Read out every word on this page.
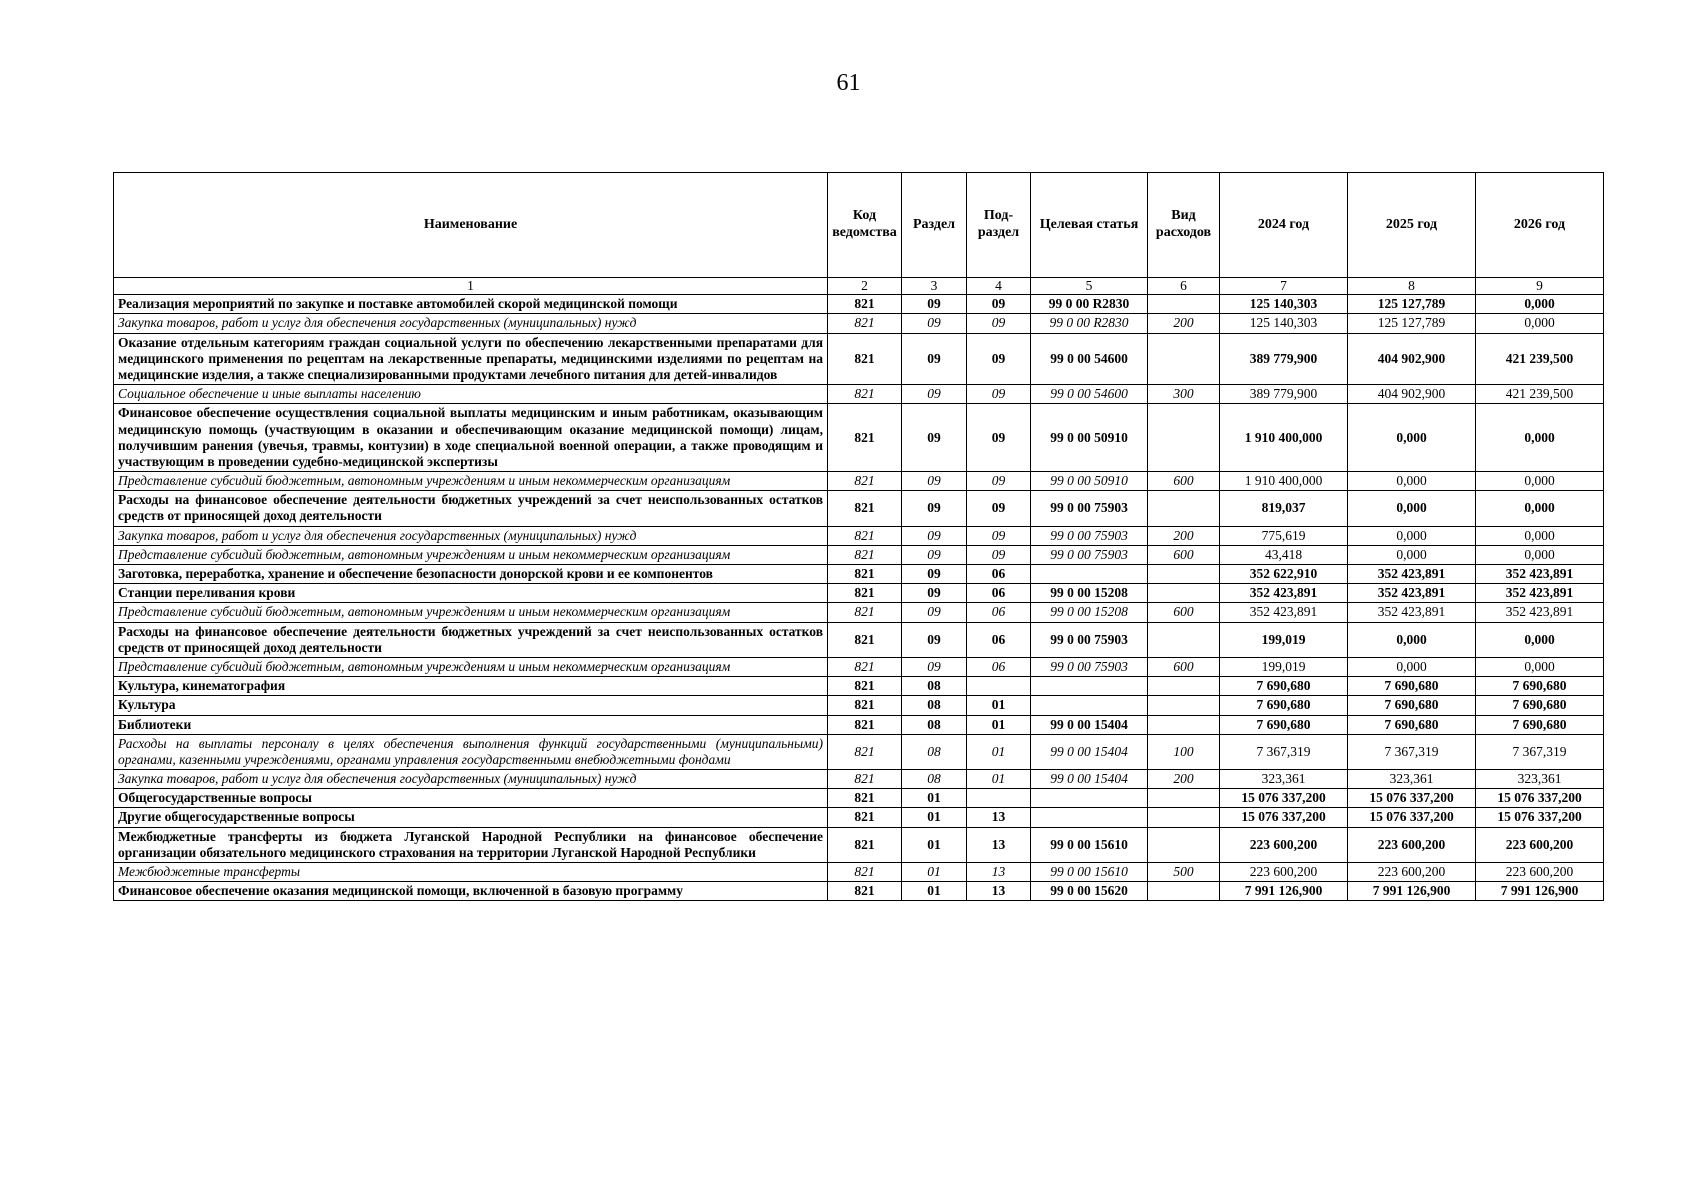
61
Наименование	Код ведомства	Раздел	Под-раздел	Целевая статья	Вид расходов	2024 год	2025 год	2026 год
1	2	3	4	5	6	7	8	9
Реализация мероприятий по закупке и поставке автомобилей скорой медицинской помощи	821	09	09	99 0 00 R2830		125 140,303	125 127,789	0,000
Закупка товаров, работ и услуг для обеспечения государственных (муниципальных) нужд	821	09	09	99 0 00 R2830	200	125 140,303	125 127,789	0,000
Оказание отдельным категориям граждан социальной услуги по обеспечению лекарственными препаратами для медицинского применения по рецептам на лекарственные препараты, медицинскими изделиями по рецептам на медицинские изделия, а также специализированными продуктами лечебного питания для детей-инвалидов	821	09	09	99 0 00 54600		389 779,900	404 902,900	421 239,500
Социальное обеспечение и иные выплаты населению	821	09	09	99 0 00 54600	300	389 779,900	404 902,900	421 239,500
Финансовое обеспечение осуществления социальной выплаты медицинским и иным работникам, оказывающим медицинскую помощь (участвующим в оказании и обеспечивающим оказание медицинской помощи) лицам, получившим ранения (увечья, травмы, контузии) в ходе специальной военной операции, а также проводящим и участвующим в проведении судебно-медицинской экспертизы	821	09	09	99 0 00 50910		1 910 400,000	0,000	0,000
Представление субсидий бюджетным, автономным учреждениям и иным некоммерческим организациям	821	09	09	99 0 00 50910	600	1 910 400,000	0,000	0,000
Расходы на финансовое обеспечение деятельности бюджетных учреждений за счет неиспользованных остатков средств от приносящей доход деятельности	821	09	09	99 0 00 75903		819,037	0,000	0,000
Закупка товаров, работ и услуг для обеспечения государственных (муниципальных) нужд	821	09	09	99 0 00 75903	200	775,619	0,000	0,000
Представление субсидий бюджетным, автономным учреждениям и иным некоммерческим организациям	821	09	09	99 0 00 75903	600	43,418	0,000	0,000
Заготовка, переработка, хранение и обеспечение безопасности донорской крови и ее компонентов	821	09	06			352 622,910	352 423,891	352 423,891
Станции переливания крови	821	09	06	99 0 00 15208		352 423,891	352 423,891	352 423,891
Представление субсидий бюджетным, автономным учреждениям и иным некоммерческим организациям	821	09	06	99 0 00 15208	600	352 423,891	352 423,891	352 423,891
Расходы на финансовое обеспечение деятельности бюджетных учреждений за счет неиспользованных остатков средств от приносящей доход деятельности	821	09	06	99 0 00 75903		199,019	0,000	0,000
Представление субсидий бюджетным, автономным учреждениям и иным некоммерческим организациям	821	09	06	99 0 00 75903	600	199,019	0,000	0,000
Культура, кинематография	821	08				7 690,680	7 690,680	7 690,680
Культура	821	08	01			7 690,680	7 690,680	7 690,680
Библиотеки	821	08	01	99 0 00 15404		7 690,680	7 690,680	7 690,680
Расходы на выплаты персоналу в целях обеспечения выполнения функций государственными (муниципальными) органами, казенными учреждениями, органами управления государственными внебюджетными фондами	821	08	01	99 0 00 15404	100	7 367,319	7 367,319	7 367,319
Закупка товаров, работ и услуг для обеспечения государственных (муниципальных) нужд	821	08	01	99 0 00 15404	200	323,361	323,361	323,361
Общегосударственные вопросы	821	01				15 076 337,200	15 076 337,200	15 076 337,200
Другие общегосударственные вопросы	821	01	13			15 076 337,200	15 076 337,200	15 076 337,200
Межбюджетные трансферты из бюджета Луганской Народной Республики на финансовое обеспечение организации обязательного медицинского страхования на территории Луганской Народной Республики	821	01	13	99 0 00 15610		223 600,200	223 600,200	223 600,200
Межбюджетные трансферты	821	01	13	99 0 00 15610	500	223 600,200	223 600,200	223 600,200
Финансовое обеспечение оказания медицинской помощи, включенной в базовую программу	821	01	13	99 0 00 15620		7 991 126,900	7 991 126,900	7 991 126,900
